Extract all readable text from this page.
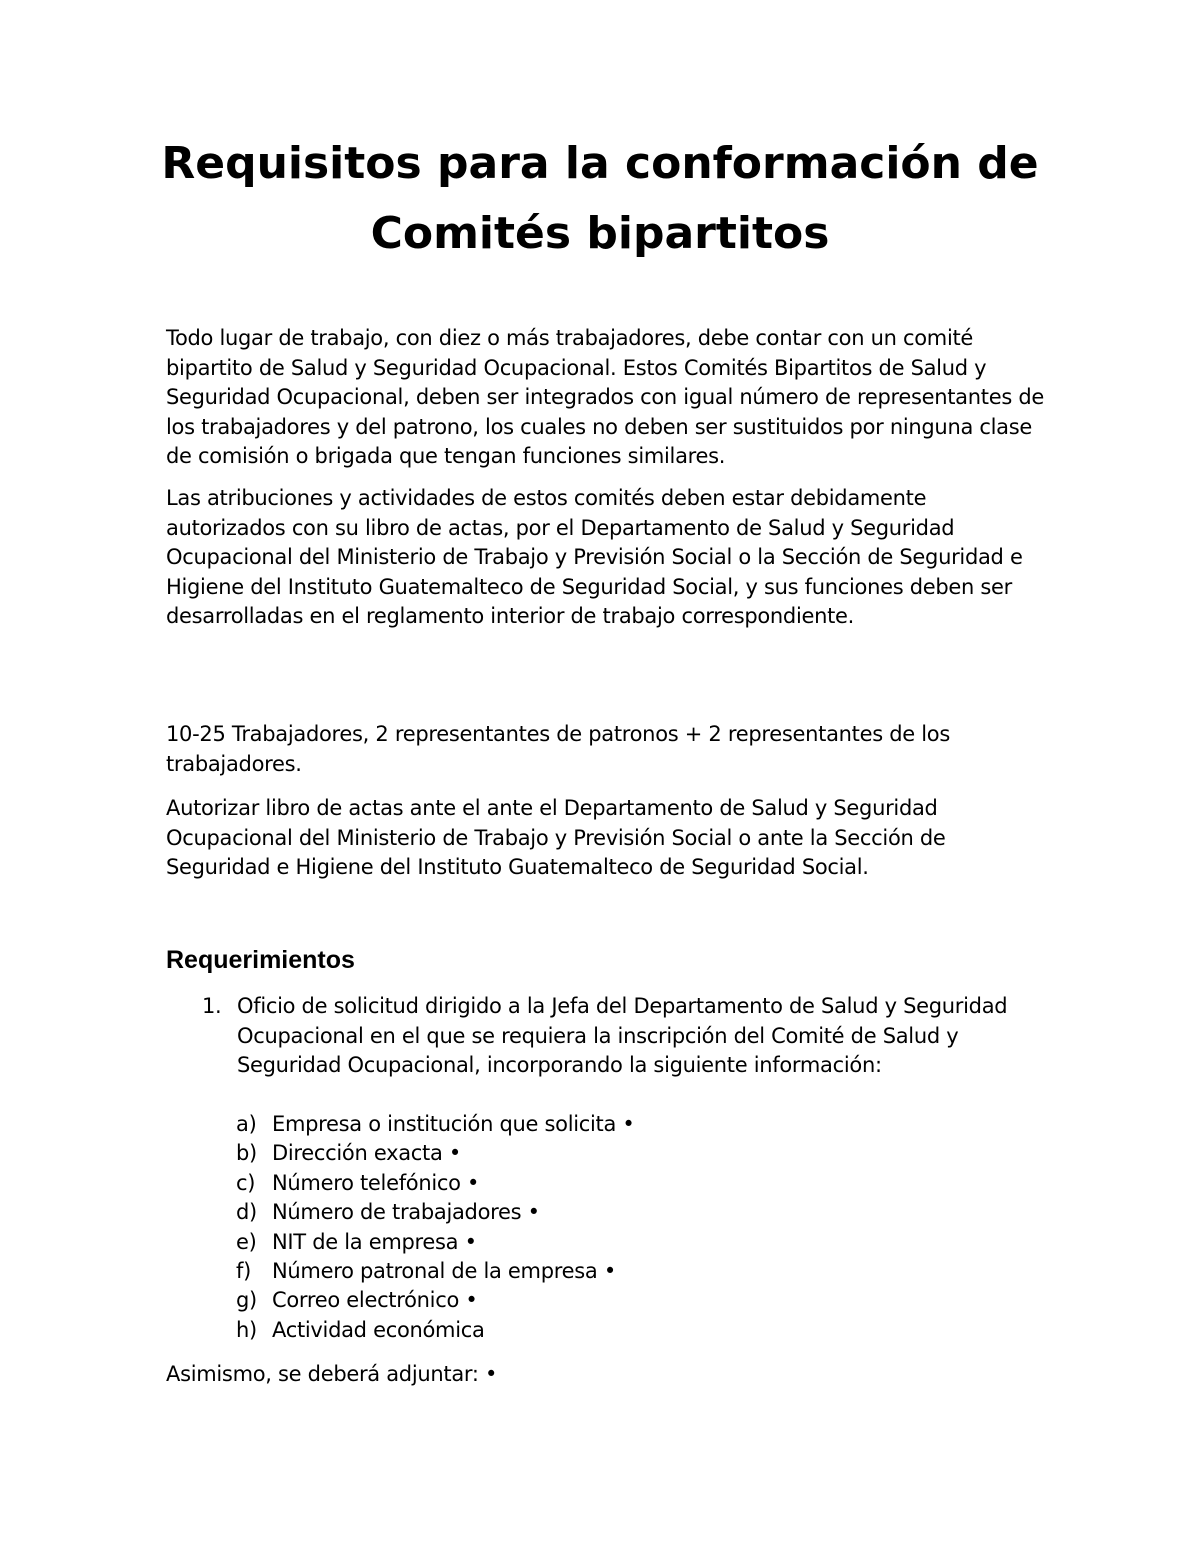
Requisitos para la conformación de
Comités bipartitos

Todo lugar de trabajo, con diez o más trabajadores, debe contar con un comité bipartito de Salud y Seguridad Ocupacional. Estos Comités Bipartitos de Salud y Seguridad Ocupacional, deben ser integrados con igual número de representantes de los trabajadores y del patrono, los cuales no deben ser sustituidos por ninguna clase de comisión o brigada que tengan funciones similares.

Las atribuciones y actividades de estos comités deben estar debidamente autorizados con su libro de actas, por el Departamento de Salud y Seguridad Ocupacional del Ministerio de Trabajo y Previsión Social o la Sección de Seguridad e Higiene del Instituto Guatemalteco de Seguridad Social, y sus funciones deben ser desarrolladas en el reglamento interior de trabajo correspondiente.

10-25 Trabajadores, 2 representantes de patronos + 2 representantes de los trabajadores.

Autorizar libro de actas ante el ante el Departamento de Salud y Seguridad Ocupacional del Ministerio de Trabajo y Previsión Social o ante la Sección de Seguridad e Higiene del Instituto Guatemalteco de Seguridad Social.

Requerimientos
1. Oficio de solicitud dirigido a la Jefa del Departamento de Salud y Seguridad Ocupacional en el que se requiera la inscripción del Comité de Salud y Seguridad Ocupacional, incorporando la siguiente información:
a) Empresa o institución que solicita •
b) Dirección exacta •
c) Número telefónico •
d) Número de trabajadores •
e) NIT de la empresa •
f) Número patronal de la empresa •
g) Correo electrónico •
h) Actividad económica

Asimismo, se deberá adjuntar: •
